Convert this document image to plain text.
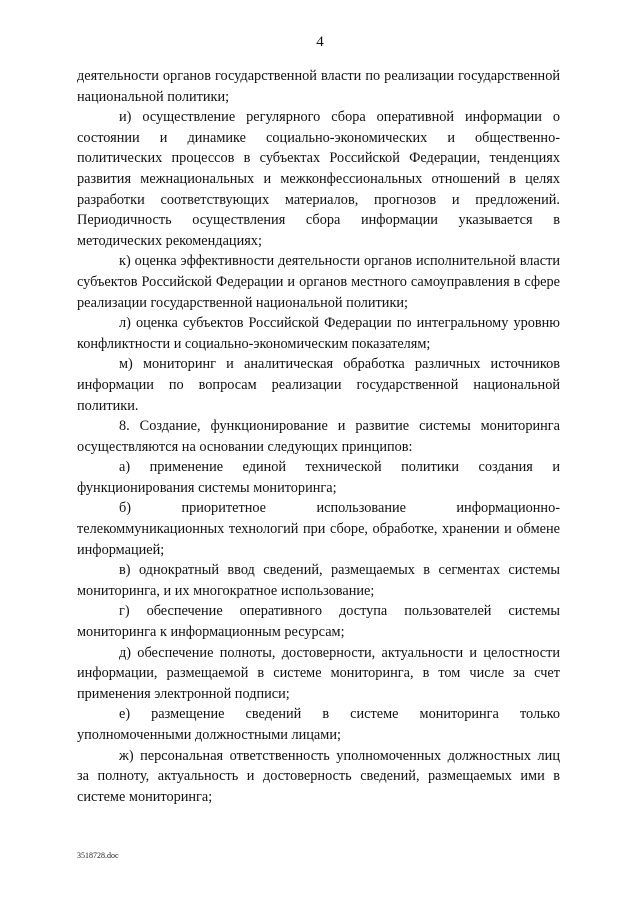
4

деятельности органов государственной власти по реализации государственной национальной политики;

и) осуществление регулярного сбора оперативной информации о состоянии и динамике социально-экономических и общественно-политических процессов в субъектах Российской Федерации, тенденциях развития межнациональных и межконфессиональных отношений в целях разработки соответствующих материалов, прогнозов и предложений. Периодичность осуществления сбора информации указывается в методических рекомендациях;

к) оценка эффективности деятельности органов исполнительной власти субъектов Российской Федерации и органов местного самоуправления в сфере реализации государственной национальной политики;

л) оценка субъектов Российской Федерации по интегральному уровню конфликтности и социально-экономическим показателям;

м) мониторинг и аналитическая обработка различных источников информации по вопросам реализации государственной национальной политики.

8. Создание, функционирование и развитие системы мониторинга осуществляются на основании следующих принципов:

а) применение единой технической политики создания и функционирования системы мониторинга;

б) приоритетное использование информационно-телекоммуникационных технологий при сборе, обработке, хранении и обмене информацией;

в) однократный ввод сведений, размещаемых в сегментах системы мониторинга, и их многократное использование;

г) обеспечение оперативного доступа пользователей системы мониторинга к информационным ресурсам;

д) обеспечение полноты, достоверности, актуальности и целостности информации, размещаемой в системе мониторинга, в том числе за счет применения электронной подписи;

е) размещение сведений в системе мониторинга только уполномоченными должностными лицами;

ж) персональная ответственность уполномоченных должностных лиц за полноту, актуальность и достоверность сведений, размещаемых ими в системе мониторинга;

3518728.doc
